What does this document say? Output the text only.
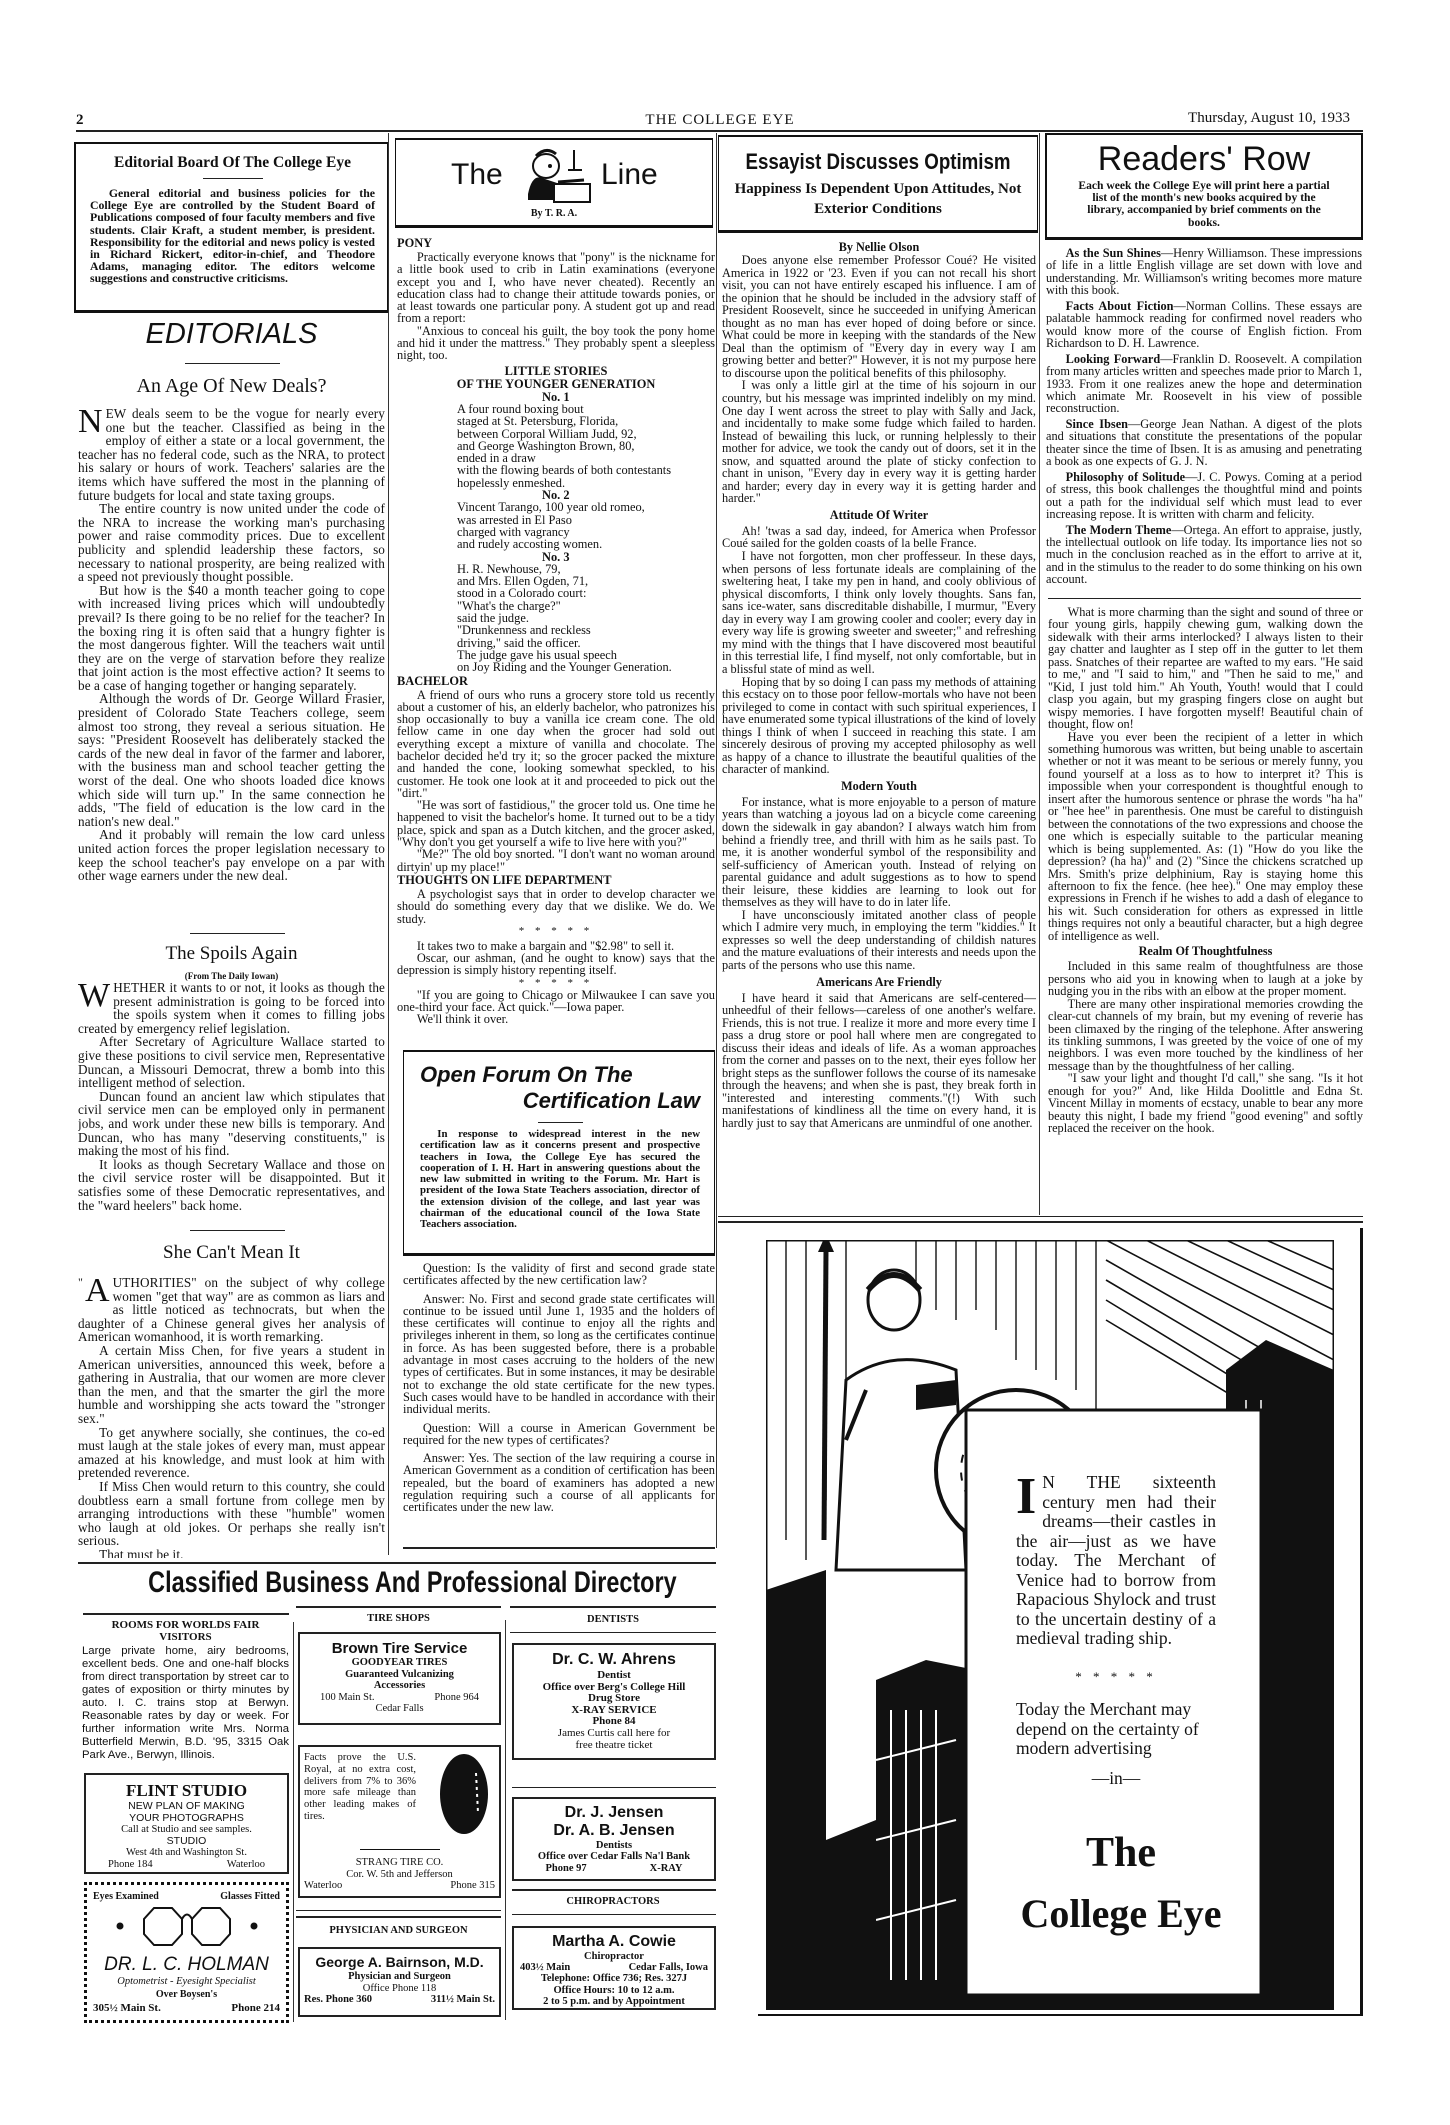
2	THE COLLEGE EYE	Thursday, August 10, 1933
Editorial Board Of The College Eye

General editorial and business policies for the College Eye are controlled by the Student Board of Publications composed of four faculty members and five students. Clair Kraft, a student member, is president. Responsibility for the editorial and news policy is vested in Richard Rickert, editor-in-chief, and Theodore Adams, managing editor. The editors welcome suggestions and constructive criticisms.

EDITORIALS
An Age Of New Deals?

NEW deals seem to be the vogue for nearly every one but the teacher. Classified as being in the employ of either a state or a local government, the teacher has no federal code, such as the NRA, to protect his salary or hours of work. Teachers' salaries are the items which have suffered the most in the planning of future budgets for local and state taxing groups.

The entire country is now united under the code of the NRA to increase the working man's purchasing power and raise commodity prices. Due to excellent publicity and splendid leadership these factors, so necessary to national prosperity, are being realized with a speed not previously thought possible.

But how is the $40 a month teacher going to cope with increased living prices which will undoubtedly prevail? Is there going to be no relief for the teacher? In the boxing ring it is often said that a hungry fighter is the most dangerous fighter. Will the teachers wait until they are on the verge of starvation before they realize that joint action is the most effective action? It seems to be a case of hanging together or hanging separately.

Although the words of Dr. George Willard Frasier, president of Colorado State Teachers college, seem almost too strong, they reveal a serious situation. He says: "President Roosevelt has deliberately stacked the cards of the new deal in favor of the farmer and laborer, with the business man and school teacher getting the worst of the deal. One who shoots loaded dice knows which side will turn up." In the same connection he adds, "The field of education is the low card in the nation's new deal."

And it probably will remain the low card unless united action forces the proper legislation necessary to keep the school teacher's pay envelope on a par with other wage earners under the new deal.

The Spoils Again
(From The Daily Iowan)

WHETHER it wants to or not, it looks as though the present administration is going to be forced into the spoils system when it comes to filling jobs created by emergency relief legislation.

After Secretary of Agriculture Wallace started to give these positions to civil service men, Representative Duncan, a Missouri Democrat, threw a bomb into this intelligent method of selection.

Duncan found an ancient law which stipulates that civil service men can be employed only in permanent jobs, and work under these new bills is temporary. And Duncan, who has many "deserving constituents," is making the most of his find.

It looks as though Secretary Wallace and those on the civil service roster will be disappointed. But it satisfies some of these Democratic representatives, and the "ward heelers" back home.

She Can't Mean It

" A UTHORITIES" on the subject of why college women "get that way" are as common as liars and as little noticed as technocrats, but when the daughter of a Chinese general gives her analysis of American womanhood, it is worth remarking.

A certain Miss Chen, for five years a student in American universities, announced this week, before a gathering in Australia, that our women are more clever than the men, and that the smarter the girl the more humble and worshipping she acts toward the "stronger sex."

To get anywhere socially, she continues, the co-ed must laugh at the stale jokes of every man, must appear amazed at his knowledge, and must look at him with pretended reverence.

If Miss Chen would return to this country, she could doubtless earn a small fortune from college men by arranging introductions with these "humble" women who laugh at old jokes. Or perhaps she really isn't serious.

That must be it.

The	Line
By T. R. A.
PONY

Practically everyone knows that "pony" is the nickname for a little book used to crib in Latin examinations (everyone except you and I, who have never cheated). Recently an education class had to change their attitude towards ponies, or at least towards one particular pony. A student got up and read from a report:

"Anxious to conceal his guilt, the boy took the pony home and hid it under the mattress." They probably spent a sleepless night, too.

LITTLE STORIES
OF THE YOUNGER GENERATION
No. 1
A four round boxing bout
staged at St. Petersburg, Florida,
between Corporal William Judd, 92,
and George Washington Brown, 80,
ended in a draw
with the flowing beards of both contestants
hopelessly enmeshed.
No. 2
Vincent Tarango, 100 year old romeo,
was arrested in El Paso
charged with vagrancy
and rudely accosting women.
No. 3
H. R. Newhouse, 79,
and Mrs. Ellen Ogden, 71,
stood in a Colorado court:
"What's the charge?"
said the judge.
"Drunkenness and reckless
driving," said the officer.
The judge gave his usual speech
on Joy Riding and the Younger Generation.
BACHELOR

A friend of ours who runs a grocery store told us recently about a customer of his, an elderly bachelor, who patronizes his shop occasionally to buy a vanilla ice cream cone. The old fellow came in one day when the grocer had sold out everything except a mixture of vanilla and chocolate. The bachelor decided he'd try it; so the grocer packed the mixture and handed the cone, looking somewhat speckled, to his customer. He took one look at it and proceeded to pick out the "dirt."

"He was sort of fastidious," the grocer told us. One time he happened to visit the bachelor's home. It turned out to be a tidy place, spick and span as a Dutch kitchen, and the grocer asked, "Why don't you get yourself a wife to live here with you?"

"Me?" The old boy snorted. "I don't want no woman around dirtyin' up my place!"

THOUGHTS ON LIFE DEPARTMENT

A psychologist says that in order to develop character we should do something every day that we dislike. We do. We study.

* * * * *

It takes two to make a bargain and "$2.98" to sell it.

Oscar, our ashman, (and he ought to know) says that the depression is simply history repenting itself.

* * * * *

"If you are going to Chicago or Milwaukee I can save you one-third your face. Act quick."—Iowa paper.

We'll think it over.

Open Forum On The
Certification Law

In response to widespread interest in the new certification law as it concerns present and prospective teachers in Iowa, the College Eye has secured the cooperation of I. H. Hart in answering questions about the new law submitted in writing to the Forum. Mr. Hart is president of the Iowa State Teachers association, director of the extension division of the college, and last year was chairman of the educational council of the Iowa State Teachers association.

Question: Is the validity of first and second grade state certificates affected by the new certification law?

Answer: No. First and second grade state certificates will continue to be issued until June 1, 1935 and the holders of these certificates will continue to enjoy all the rights and privileges inherent in them, so long as the certificates continue in force. As has been suggested before, there is a probable advantage in most cases accruing to the holders of the new types of certificates. But in some instances, it may be desirable not to exchange the old state certificate for the new types. Such cases would have to be handled in accordance with their individual merits.

Question: Will a course in American Government be required for the new types of certificates?

Answer: Yes. The section of the law requiring a course in American Government as a condition of certification has been repealed, but the board of examiners has adopted a new regulation requiring such a course of all applicants for certificates under the new law.

Essayist Discusses Optimism
Happiness Is Dependent Upon Attitudes, Not Exterior Conditions
By Nellie Olson

Does anyone else remember Professor Coué? He visited America in 1922 or '23. Even if you can not recall his short visit, you can not have entirely escaped his influence. I am of the opinion that he should be included in the advsiory staff of President Roosevelt, since he succeeded in unifying American thought as no man has ever hoped of doing before or since. What could be more in keeping with the standards of the New Deal than the optimism of "Every day in every way I am growing better and better?" However, it is not my purpose here to discourse upon the political benefits of this philosophy.

I was only a little girl at the time of his sojourn in our country, but his message was imprinted indelibly on my mind. One day I went across the street to play with Sally and Jack, and incidentally to make some fudge which failed to harden. Instead of bewailing this luck, or running helplessly to their mother for advice, we took the candy out of doors, set it in the snow, and squatted around the plate of sticky confection to chant in unison, "Every day in every way it is getting harder and harder; every day in every way it is getting harder and harder."

Attitude Of Writer

Ah! 'twas a sad day, indeed, for America when Professor Coué sailed for the golden coasts of la belle France.

I have not forgotten, mon cher proffesseur. In these days, when persons of less fortunate ideals are complaining of the sweltering heat, I take my pen in hand, and cooly oblivious of physical discomforts, I think only lovely thoughts. Sans fan, sans ice-water, sans discreditable dishabille, I murmur, "Every day in every way I am growing cooler and cooler; every day in every way life is growing sweeter and sweeter;" and refreshing my mind with the things that I have discovered most beautiful in this terrestial life, I find myself, not only comfortable, but in a blissful state of mind as well.

Hoping that by so doing I can pass my methods of attaining this ecstacy on to those poor fellow-mortals who have not been privileged to come in contact with such spiritual experiences, I have enumerated some typical illustrations of the kind of lovely things I think of when I succeed in reaching this state. I am sincerely desirous of proving my accepted philosophy as well as happy of a chance to illustrate the beautiful qualities of the character of mankind.

Modern Youth

For instance, what is more enjoyable to a person of mature years than watching a joyous lad on a bicycle come careening down the sidewalk in gay abandon? I always watch him from behind a friendly tree, and thrill with him as he sails past. To me, it is another wonderful symbol of the responsibility and self-sufficiency of American youth. Instead of relying on parental guidance and adult suggestions as to how to spend their leisure, these kiddies are learning to look out for themselves as they will have to do in later life.

I have unconsciously imitated another class of people which I admire very much, in employing the term "kiddies." It expresses so well the deep understanding of childish natures and the mature evaluations of their interests and needs upon the parts of the persons who use this name.

Americans Are Friendly

I have heard it said that Americans are self-centered—unheedful of their fellows—careless of one another's welfare. Friends, this is not true. I realize it more and more every time I pass a drug store or pool hall where men are congregated to discuss their ideas and ideals of life. As a woman approaches from the corner and passes on to the next, their eyes follow her bright steps as the sunflower follows the course of its namesake through the heavens; and when she is past, they break forth in "interested and interesting comments."(!) With such manifestations of kindliness all the time on every hand, it is hardly just to say that Americans are unmindful of one another.

Readers' Row
Each week the College Eye will print here a partial list of the month's new books acquired by the library, accompanied by brief comments on the books.

As the Sun Shines—Henry Williamson. These impressions of life in a little English village are set down with love and understanding. Mr. Williamson's writing becomes more mature with this book.

Facts About Fiction—Norman Collins. These essays are palatable hammock reading for confirmed novel readers who would know more of the course of English fiction. From Richardson to D. H. Lawrence.

Looking Forward—Franklin D. Roosevelt. A compilation from many articles written and speeches made prior to March 1, 1933. From it one realizes anew the hope and determination which animate Mr. Roosevelt in his view of possible reconstruction.

Since Ibsen—George Jean Nathan. A digest of the plots and situations that constitute the presentations of the popular theater since the time of Ibsen. It is as amusing and penetrating a book as one expects of G. J. N.

Philosophy of Solitude—J. C. Powys. Coming at a period of stress, this book challenges the thoughtful mind and points out a path for the individual self which must lead to ever increasing repose. It is written with charm and felicity.

The Modern Theme—Ortega. An effort to appraise, justly, the intellectual outlook on life today. Its importance lies not so much in the conclusion reached as in the effort to arrive at it, and in the stimulus to the reader to do some thinking on his own account.

What is more charming than the sight and sound of three or four young girls, happily chewing gum, walking down the sidewalk with their arms interlocked? I always listen to their gay chatter and laughter as I step off in the gutter to let them pass. Snatches of their repartee are wafted to my ears. "He said to me," and "I said to him," and "Then he said to me," and "Kid, I just told him." Ah Youth, Youth! would that I could clasp you again, but my grasping fingers close on aught but wispy memories. I have forgotten myself! Beautiful chain of thought, flow on!

Have you ever been the recipient of a letter in which something humorous was written, but being unable to ascertain whether or not it was meant to be serious or merely funny, you found yourself at a loss as to how to interpret it? This is impossible when your correspondent is thoughtful enough to insert after the humorous sentence or phrase the words "ha ha" or "hee hee" in parenthesis. One must be careful to distinguish between the connotations of the two expressions and choose the one which is especially suitable to the particular meaning which is being supplemented. As: (1) "How do you like the depression? (ha ha)" and (2) "Since the chickens scratched up Mrs. Smith's prize delphinium, Ray is staying home this afternoon to fix the fence. (hee hee)." One may employ these expressions in French if he wishes to add a dash of elegance to his wit. Such consideration for others as expressed in little things requires not only a beautiful character, but a high degree of intelligence as well.

Realm Of Thoughtfulness

Included in this same realm of thoughtfulness are those persons who aid you in knowing when to laugh at a joke by nudging you in the ribs with an elbow at the proper moment.

There are many other inspirational memories crowding the clear-cut channels of my brain, but my evening of reverie has been climaxed by the ringing of the telephone. After answering its tinkling summons, I was greeted by the voice of one of my neighbors. I was even more touched by the kindliness of her message than by the thoughtfulness of her calling.

"I saw your light and thought I'd call," she sang. "Is it hot enough for you?" And, like Hilda Doolittle and Edna St. Vincent Millay in moments of ecstacy, unable to bear any more beauty this night, I bade my friend "good evening" and softly replaced the receiver on the hook.

I N THE sixteenth century men had their dreams—their castles in the air—just as we have today. The Merchant of Venice had to borrow from Rapacious Shylock and trust to the uncertain destiny of a medieval trading ship.

* * * * *

Today the Merchant may depend on the certainty of modern advertising

—in—
The
College Eye
Classified Business And Professional Directory
ROOMS FOR WORLDS FAIR VISITORS

Large private home, airy bedrooms, excellent beds. One and one-half blocks from direct transportation by street car to gates of exposition or thirty minutes by auto. I. C. trains stop at Berwyn. Reasonable rates by day or week. For further information write Mrs. Norma Butterfield Merwin, B.D. '95, 3315 Oak Park Ave., Berwyn, Illinois.

FLINT STUDIO
NEW PLAN OF MAKING
YOUR PHOTOGRAPHS
Call at Studio and see samples.
STUDIO
West 4th and Washington St.
Phone 184	Waterloo
Eyes Examined	Glasses Fitted
DR. L. C. HOLMAN
Optometrist - Eyesight Specialist
Over Boysen's
305½ Main St.	Phone 214
TIRE SHOPS
Brown Tire Service
GOODYEAR TIRES
Guaranteed Vulcanizing
Accessories
100 Main St.	Phone 964
Cedar Falls

Facts prove the U.S. Royal, at no extra cost, delivers from 7% to 36% more safe mileage than other leading makes of tires.

STRANG TIRE CO.
Cor. W. 5th and Jefferson
Waterloo	Phone 315
PHYSICIAN AND SURGEON
George A. Bairnson, M.D.
Physician and Surgeon
Office Phone 118
Res. Phone 360	311½ Main St.
DENTISTS
Dr. C. W. Ahrens
Dentist
Office over Berg's College Hill
Drug Store
X-RAY SERVICE
Phone 84
James Curtis call here for
free theatre ticket
Dr. J. Jensen
Dr. A. B. Jensen
Dentists
Office over Cedar Falls Na'l Bank
Phone 97	X-RAY
CHIROPRACTORS
Martha A. Cowie
Chiropractor
403½ Main	Cedar Falls, Iowa
Telephone: Office 736; Res. 327J
Office Hours: 10 to 12 a.m.
2 to 5 p.m. and by Appointment
